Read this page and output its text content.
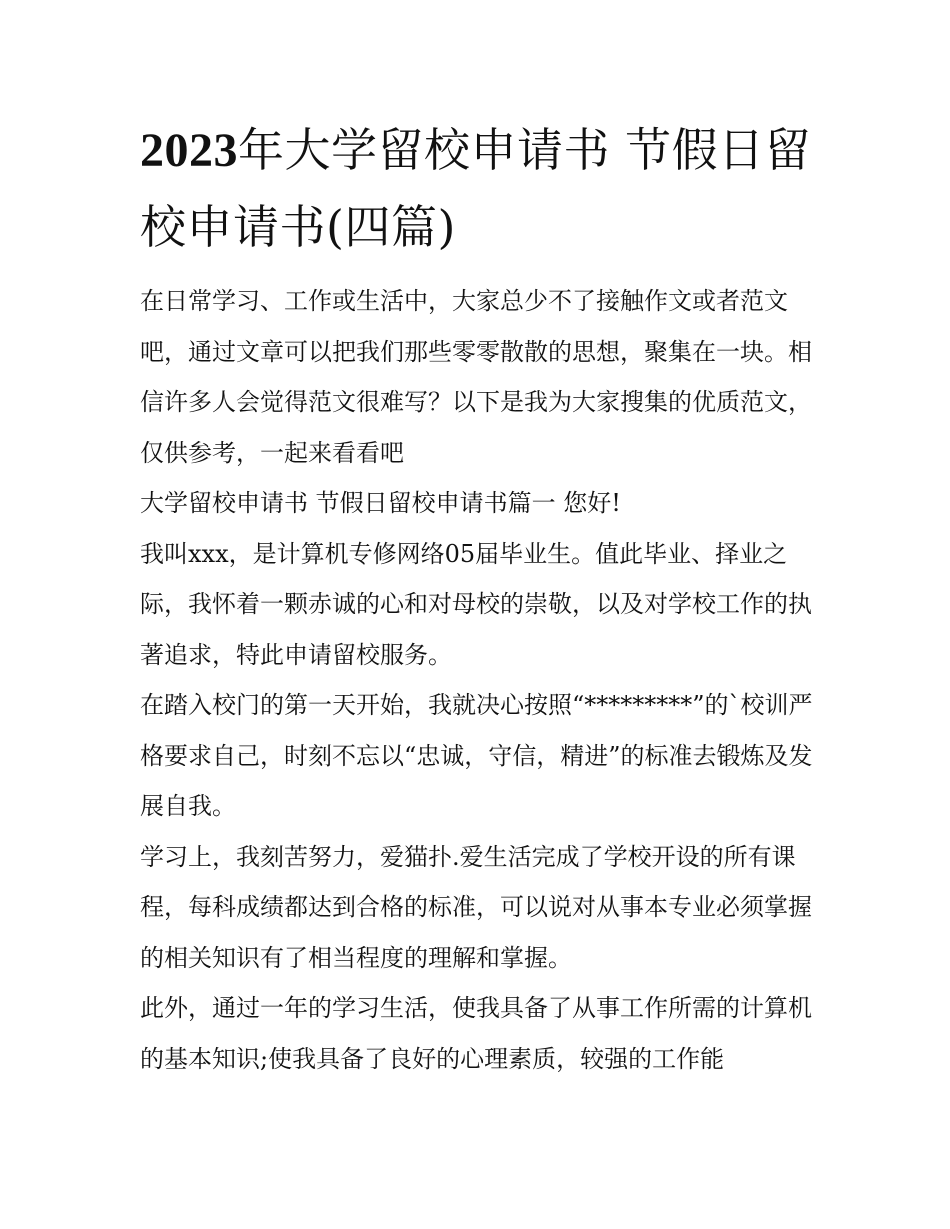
2023年大学留校申请书 节假日留校申请书(四篇)

在日常学习、工作或生活中，大家总少不了接触作文或者范文吧，通过文章可以把我们那些零零散散的思想，聚集在一块。相信许多人会觉得范文很难写？以下是我为大家搜集的优质范文，仅供参考，一起来看看吧

大学留校申请书 节假日留校申请书篇一 您好!

我叫xxx，是计算机专修网络05届毕业生。值此毕业、择业之际，我怀着一颗赤诚的心和对母校的崇敬，以及对学校工作的执著追求，特此申请留校服务。

在踏入校门的第一天开始，我就决心按照“*********”的`校训严格要求自己，时刻不忘以“忠诚，守信，精进”的标准去锻炼及发展自我。

学习上，我刻苦努力，爱猫扑.爱生活完成了学校开设的所有课程，每科成绩都达到合格的标准，可以说对从事本专业必须掌握的相关知识有了相当程度的理解和掌握。

此外，通过一年的学习生活，使我具备了从事工作所需的计算机的基本知识;使我具备了良好的心理素质，较强的工作能
